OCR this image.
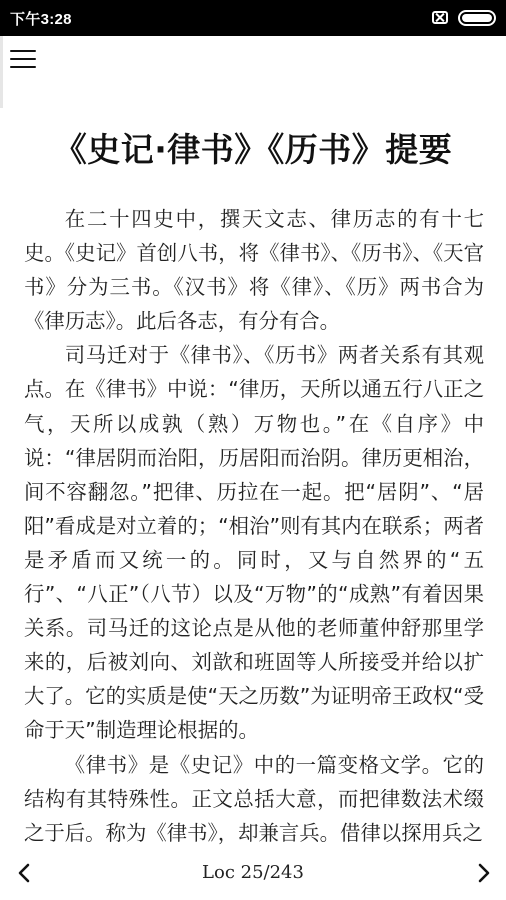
下午3:28
《史记·律书》《历书》提要

在二十四史中，撰天文志、律历志的有十七史。《史记》首创八书，将《律书》、《历书》、《天官书》分为三书。《汉书》将《律》、《历》两书合为《律历志》。此后各志，有分有合。

司马迁对于《律书》、《历书》两者关系有其观点。在《律书》中说：“律历，天所以通五行八正之气，天所以成孰（熟）万物也。”在《自序》中说：“律居阴而治阳，历居阳而治阴。律历更相治，间不容翻忽。”把律、历拉在一起。把“居阴”、“居阳”看成是对立着的；“相治”则有其内在联系；两者是矛盾而又统一的。同时，又与自然界的“五行”、“八正”（八节）以及“万物”的“成熟”有着因果关系。司马迁的这论点是从他的老师董仲舒那里学来的，后被刘向、刘歆和班固等人所接受并给以扩大了。它的实质是使“天之历数”为证明帝王政权“受命于天”制造理论根据的。

《律书》是《史记》中的一篇变格文学。它的结构有其特殊性。正文总括大意，而把律数法术缀之于后。称为《律书》，却兼言兵。借律以探用兵之

Loc 25/243
